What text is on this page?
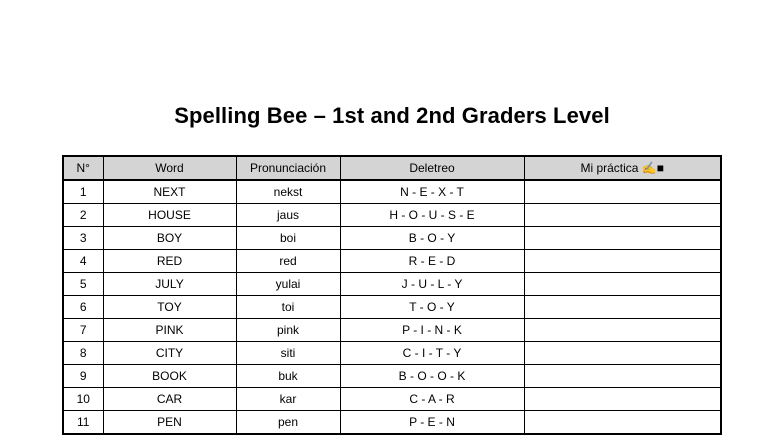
Spelling Bee – 1st and 2nd Graders Level
N°	Word	Pronunciación	Deletreo	Mi práctica ✍■
1	NEXT	nekst	N - E - X - T	
2	HOUSE	jaus	H - O - U - S - E	
3	BOY	boi	B - O - Y	
4	RED	red	R - E - D	
5	JULY	yulai	J - U - L - Y	
6	TOY	toi	T - O - Y	
7	PINK	pink	P - I - N - K	
8	CITY	siti	C - I - T - Y	
9	BOOK	buk	B - O - O - K	
10	CAR	kar	C - A - R	
11	PEN	pen	P - E - N	
